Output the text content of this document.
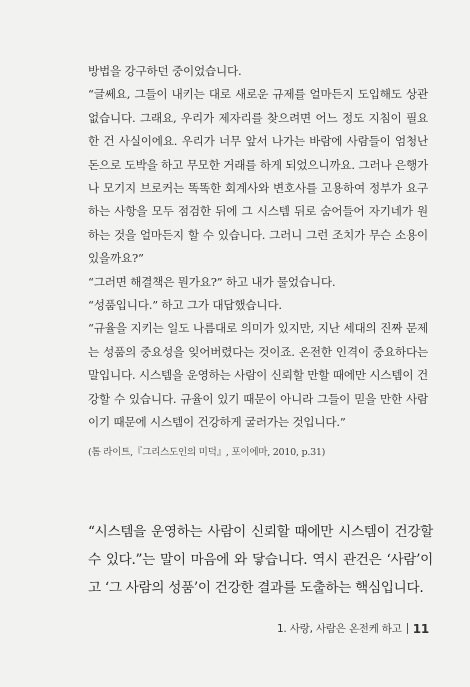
방법을 강구하던 중이었습니다.

“글쎄요, 그들이 내키는 대로 새로운 규제를 얼마든지 도입해도 상관없습니다. 그래요, 우리가 제자리를 찾으려면 어느 정도 지침이 필요한 건 사실이에요. 우리가 너무 앞서 나가는 바람에 사람들이 엄청난 돈으로 도박을 하고 무모한 거래를 하게 되었으니까요. 그러나 은행가나 모기지 브로커는 똑똑한 회계사와 변호사를 고용하여 정부가 요구하는 사항을 모두 점검한 뒤에 그 시스템 뒤로 숨어들어 자기네가 원하는 것을 얼마든지 할 수 있습니다. 그러니 그런 조치가 무슨 소용이 있을까요?”

“그러면 해결책은 뭔가요?” 하고 내가 물었습니다.

“성품입니다.” 하고 그가 대답했습니다.

“규율을 지키는 일도 나름대로 의미가 있지만, 지난 세대의 진짜 문제는 성품의 중요성을 잊어버렸다는 것이죠. 온전한 인격이 중요하다는 말입니다. 시스템을 운영하는 사람이 신뢰할 만할 때에만 시스템이 건강할 수 있습니다. 규율이 있기 때문이 아니라 그들이 믿을 만한 사람이기 때문에 시스템이 건강하게 굴러가는 것입니다.”

(톰 라이트,『그리스도인의 미덕』, 포이에마, 2010, p.31)

“시스템을 운영하는 사람이 신뢰할 때에만 시스템이 건강할 수 있다.”는 말이 마음에 와 닿습니다. 역시 관건은 ‘사람’이고 ‘그 사람의 성품’이 건강한 결과를 도출하는 핵심입니다.

1. 사랑, 사람은 온전케 하고 11
